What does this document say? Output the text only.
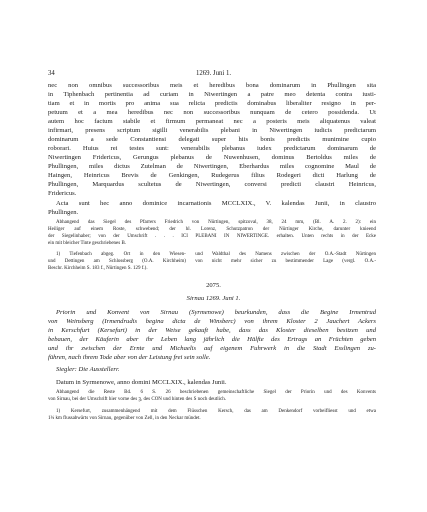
34	1269. Juni 1.
nec non omnibus successoribus meis et heredibus bona dominarum in Phullingen sita
in Tiphenbach pertinentia ad curiam in Niwertingen a patre meo detenta contra iusti-
tiam et in mortis pro anima sua relicta predictis dominabus liberaliter resigno in per-
petuum et a mea heredibus nec non successoribus nunquam de cetero possidenda. Ut
autem hoc factum stabile et firmum permaneat nec a posteris meis aliquatenus valeat
infirmari, presens scriptum sigilli venerabilis plebani in Niwertingen iudicis predictarum
dominarum a sede Constantiensi delegati super hiis bonis predictis munimine cupio
roborari. Huius rei testes sunt: venerabilis plebanus iudex predictarum dominarum de
Niwertingen Fridericus, Gerungus plebanus de Nuwenhusen, dominus Bertoldus miles de
Phullingen, miles dictus Zutelman de Niwertingen, Eberhardus miles cognomine Maul de
Haingen, Heinricus Brevis de Genkingen, Rudegerus filius Rodegeri dicti Harlung de
Phullingen, Marquardus scultetus de Niwertingen, conversi predicti claustri Heinricus,
Fridericus.
Acta sunt hec anno dominice incarnationis MCCLXIX., V. kalendas Junii, in claustro
Phullingen.
Abhangend das Siegel des Pfarrers Friedrich von Nürtingen, spitzoval, 38, 24 mm, (Bl. A. 2. 2): ein
Heiliger auf einem Roste, schwebend; der hl. Lorenz, Schutzpatron der Nürtinger Kirche, darunter knieend
der Siegelinhaber; von der Umschrift . . . ICI PLEBANI IN NIWERTINGE. erhalten. Unten rechts in der Ecke
ein mit bleicher Tinte geschriebenes B.
1) Tiefenbach abgeg. Ort in den Wiesen- und Waldthal des Namens zwischen der O.A.-Stadt Nürtingen
und Dettingen am Schlossberg (O.A. Kirchheim) von nicht mehr sicher zu bestimmender Lage (vergl. O.A.-
Beschr. Kirchheim S. 183 f., Nürtingen S. 129 f.).
2075.
Sirnau 1269. Juni 1.
Priorin und Konvent von Sirnau (Syrmenowe) beurkunden, dass die Begine Irmentrud
von Weinsberg (Irmendrudis begina dicta de Winsberc) von ihrem Kloster 2 Jauchert Ackers
in Kerschfurt (Kersefurt) in der Weise gekauft habe, dass das Kloster dieselben besitzen und
bebauen, der Käuferin aber ihr Leben lang jährlich die Hälfte des Ertrags an Früchten geben
und ihr zwischen der Ernte und Michaelis auf eigenem Fuhrwerk in die Stadt Esslingen zu-
führen, nach ihrem Tode aber von der Leistung frei sein solle.
Siegler: Die Ausstellerr.
Datum in Syrmenowe, anno domini MCCLXIX., kalendas Junii.
Abhangend die Reste Bd. 6 S. 26 beschriebenen gemeinschaftliche Siegel der Priorin und des Konvents
von Sirnau, bei der Umschrift hier vorne des ꝫ, des CON und hinten des S noch deutlich.
1) Kersefurt, zusammenhängend mit dem Flüsschen Kersch, das am Denkendorf vorbeifliesst und etwa
1¼ km flussabwärts von Sirnau, gegenüber von Zell, in den Neckar mündet.
